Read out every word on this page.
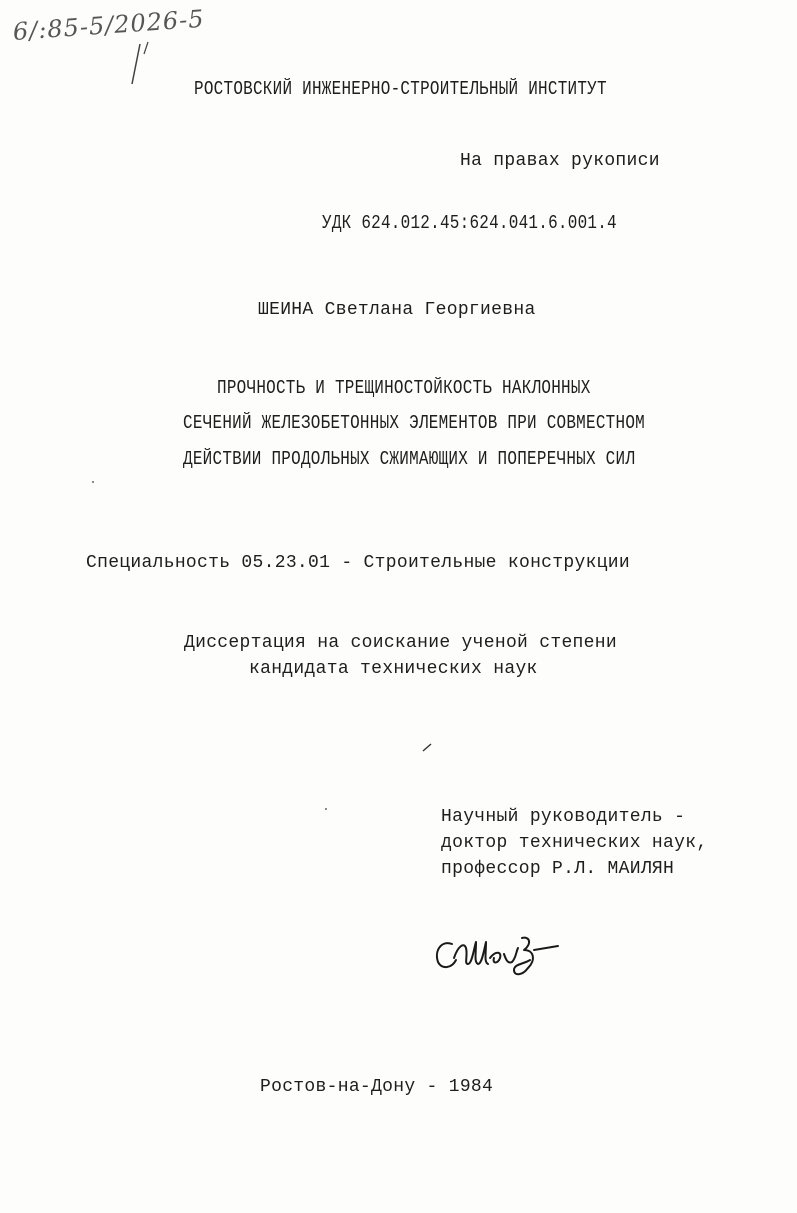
6/:85-5/2026-5
РОСТОВСКИЙ ИНЖЕНЕРНО-СТРОИТЕЛЬНЫЙ ИНСТИТУТ
На правах рукописи
УДК 624.012.45:624.041.6.001.4
ШЕИНА Светлана Георгиевна
ПРОЧНОСТЬ И ТРЕЩИНОСТОЙКОСТЬ НАКЛОННЫХ
СЕЧЕНИЙ ЖЕЛЕЗОБЕТОННЫХ ЭЛЕМЕНТОВ ПРИ СОВМЕСТНОМ
ДЕЙСТВИИ ПРОДОЛЬНЫХ СЖИМАЮЩИХ И ПОПЕРЕЧНЫХ СИЛ
Специальность 05.23.01 - Строительные конструкции
Диссертация на соискание ученой степени
кандидата технических наук
Научный руководитель -
доктор технических наук,
профессор Р.Л. МАИЛЯН
Ростов-на-Дону - 1984
